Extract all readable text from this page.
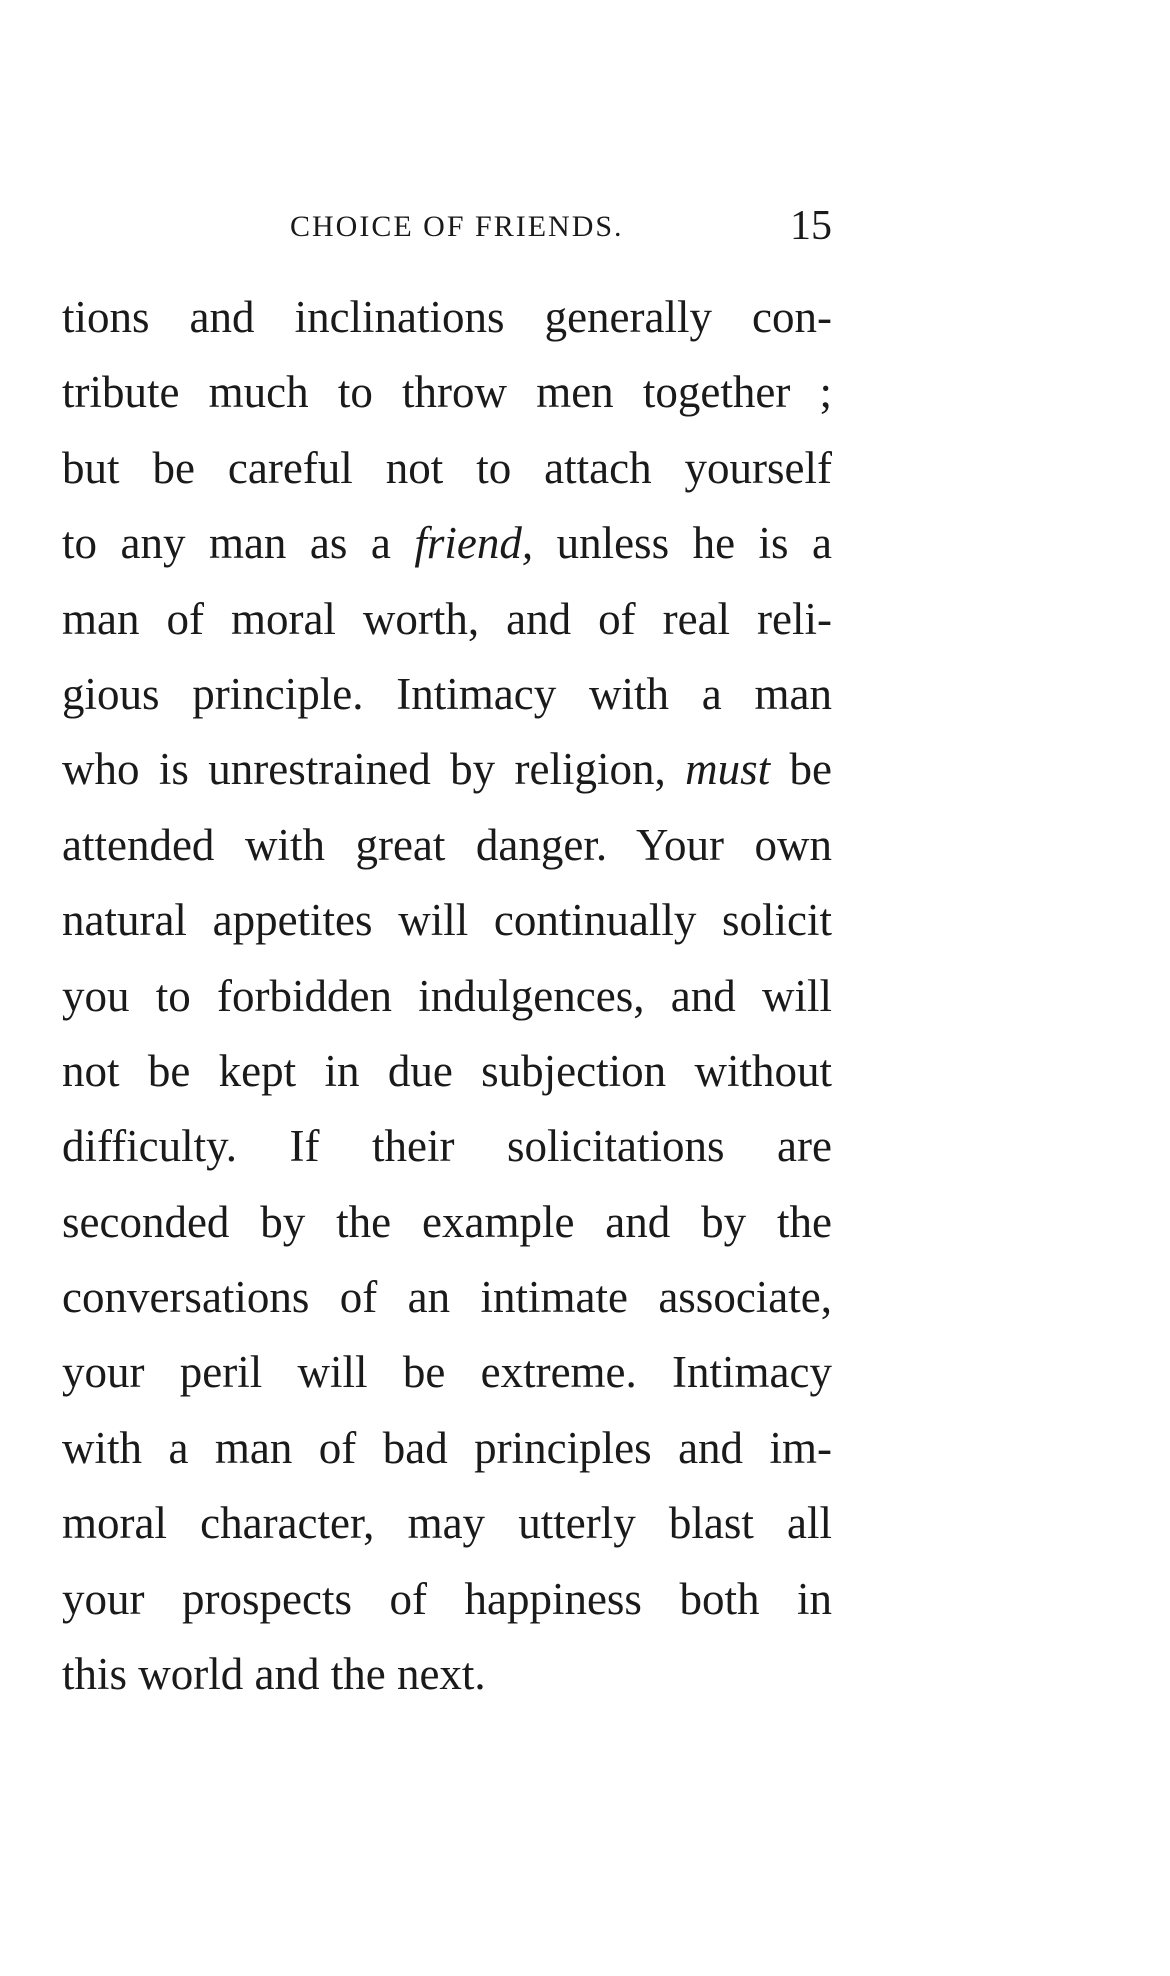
CHOICE OF FRIENDS.	15
tions and inclinations generally con-
tribute much to throw men together ;
but be careful not to attach yourself
to any man as a friend, unless he is a
man of moral worth, and of real reli-
gious principle. Intimacy with a man
who is unrestrained by religion, must be
attended with great danger. Your own
natural appetites will continually solicit
you to forbidden indulgences, and will
not be kept in due subjection without
difficulty. If their solicitations are
seconded by the example and by the
conversations of an intimate associate,
your peril will be extreme. Intimacy
with a man of bad principles and im-
moral character, may utterly blast all
your prospects of happiness both in
this world and the next.
